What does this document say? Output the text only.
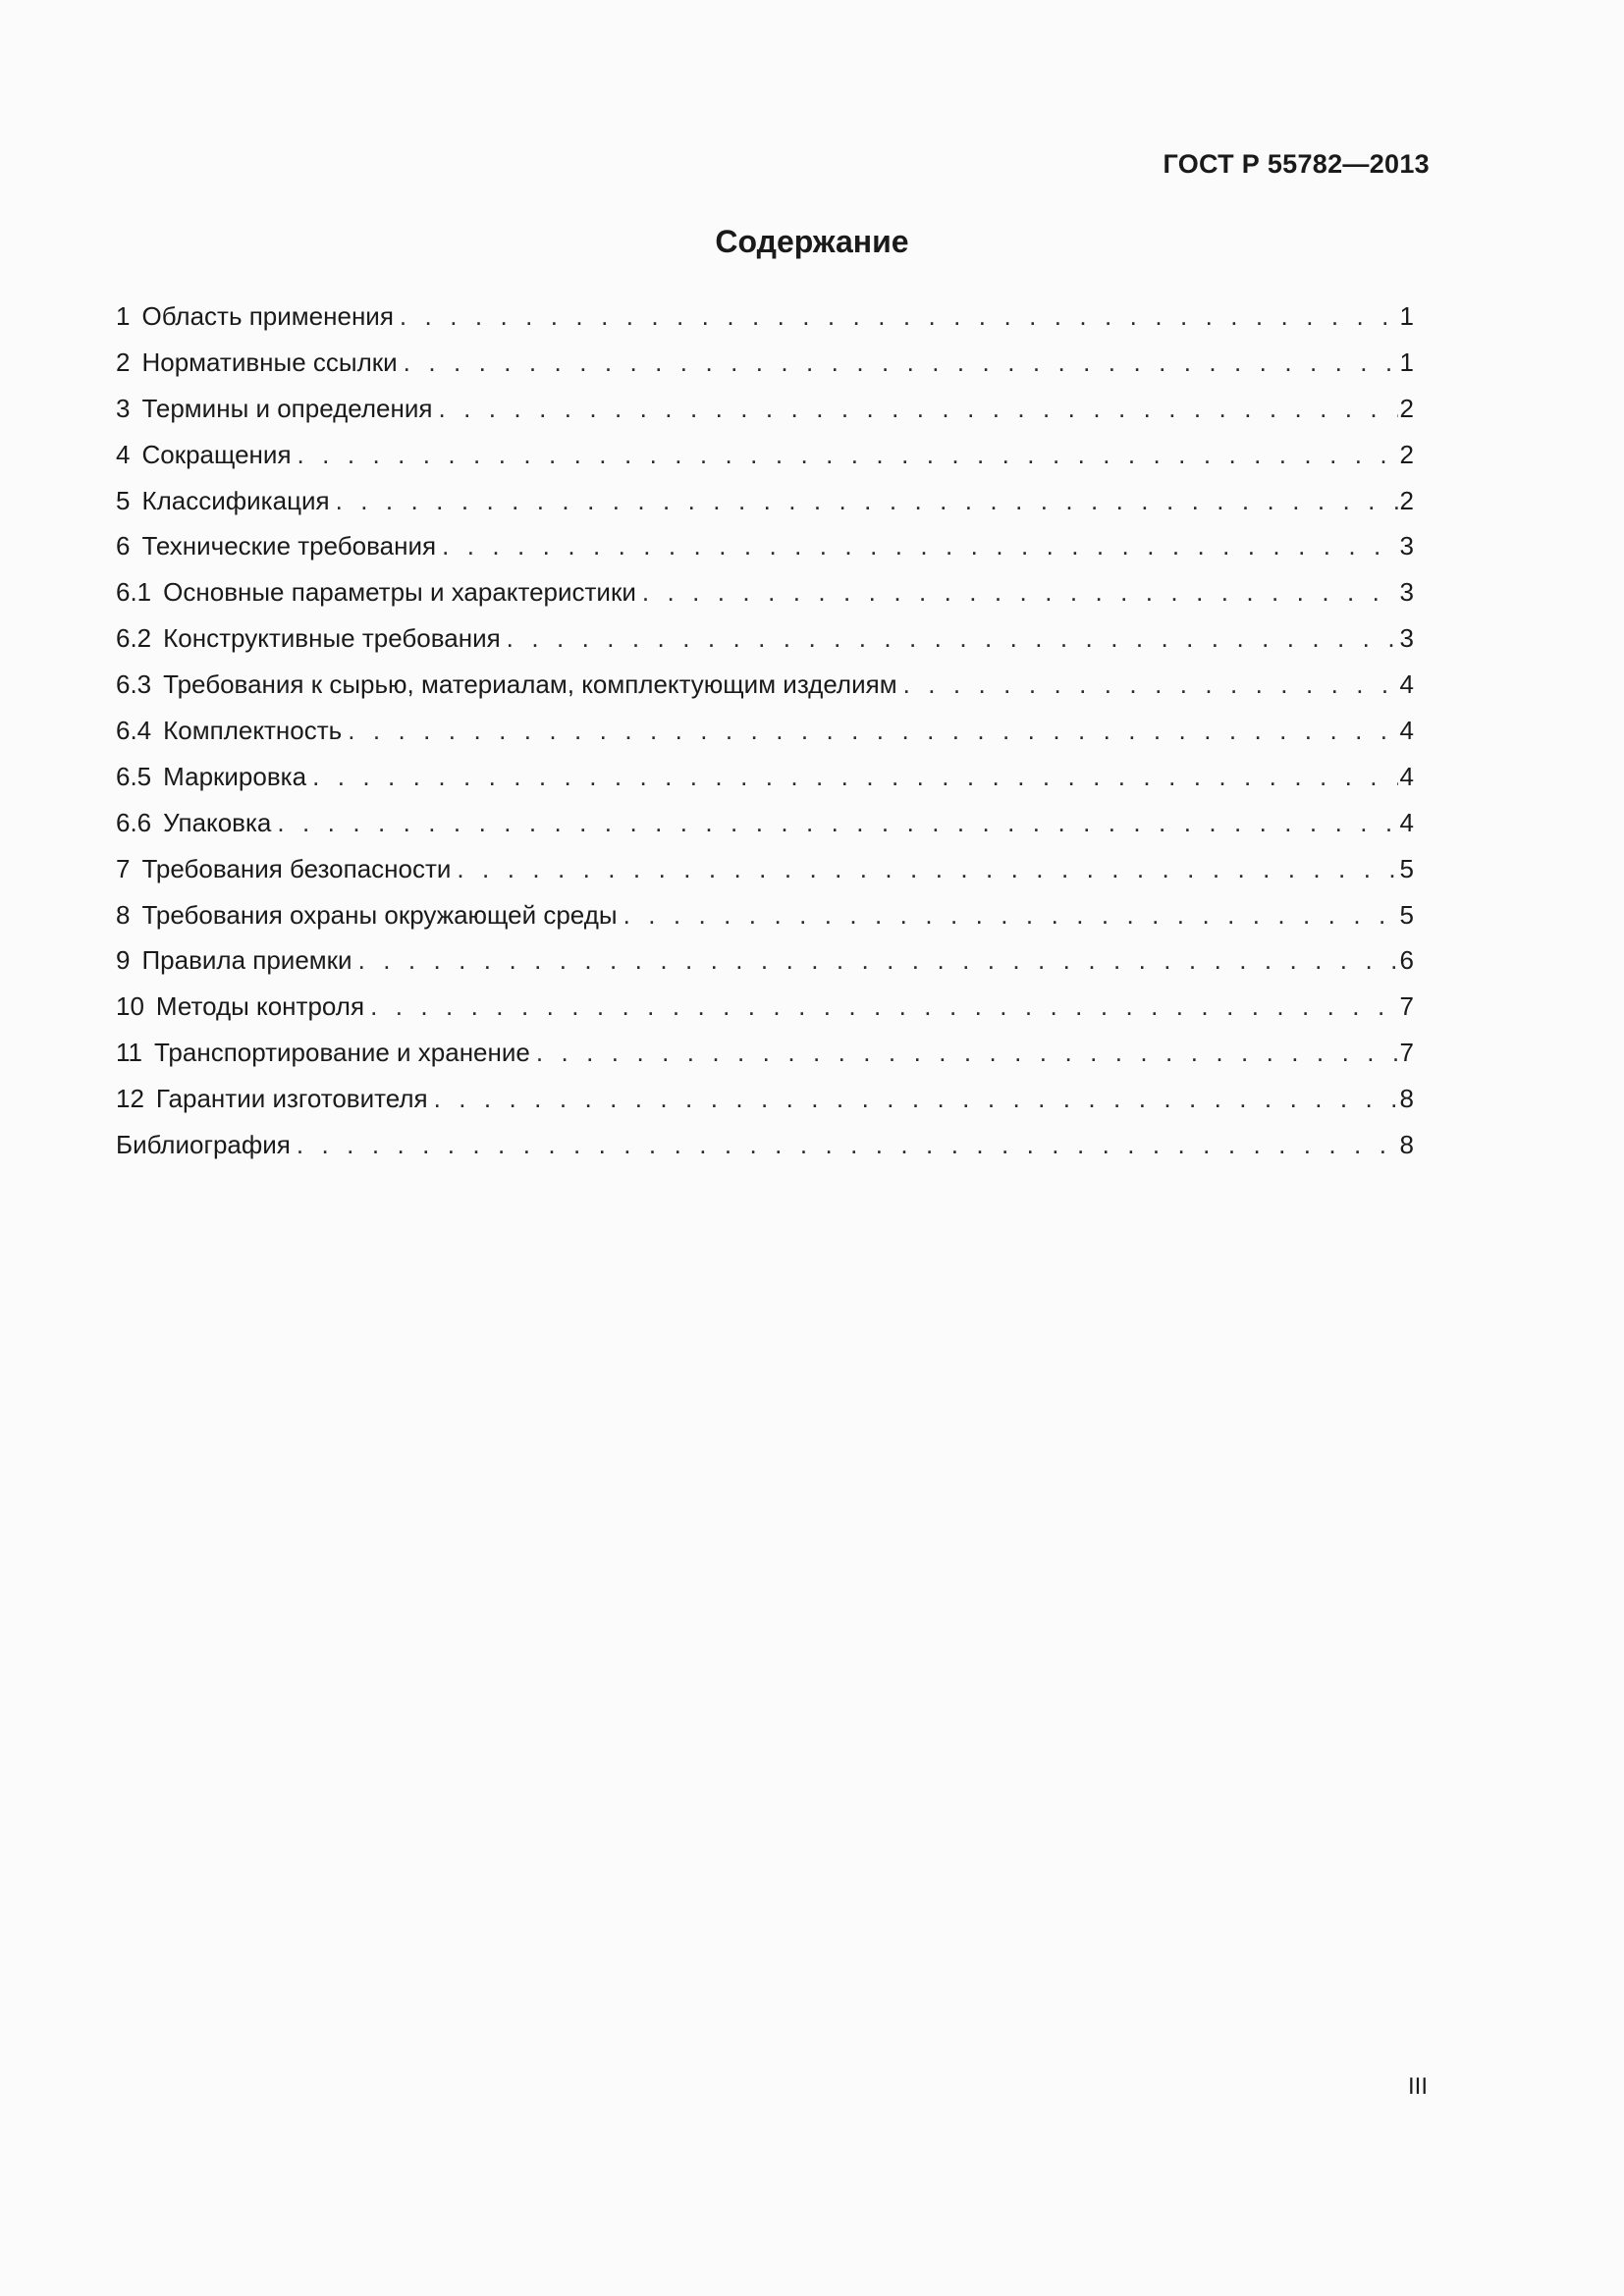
ГОСТ Р 55782—2013
Содержание
1 Область применения . . .	1
2 Нормативные ссылки . . .	1
3 Термины и определения . . .	2
4 Сокращения . . .	2
5 Классификация . . .	2
6 Технические требования . . .	3
6.1 Основные параметры и характеристики . . .	3
6.2 Конструктивные требования . . .	3
6.3 Требования к сырью, материалам, комплектующим изделиям . . .	4
6.4 Комплектность . . .	4
6.5 Маркировка . . .	4
6.6 Упаковка . . .	4
7 Требования безопасности . . .	5
8 Требования охраны окружающей среды . . .	5
9 Правила приемки . . .	6
10 Методы контроля . . .	7
11 Транспортирование и хранение . . .	7
12 Гарантии изготовителя . . .	8
Библиография . . .	8
III
